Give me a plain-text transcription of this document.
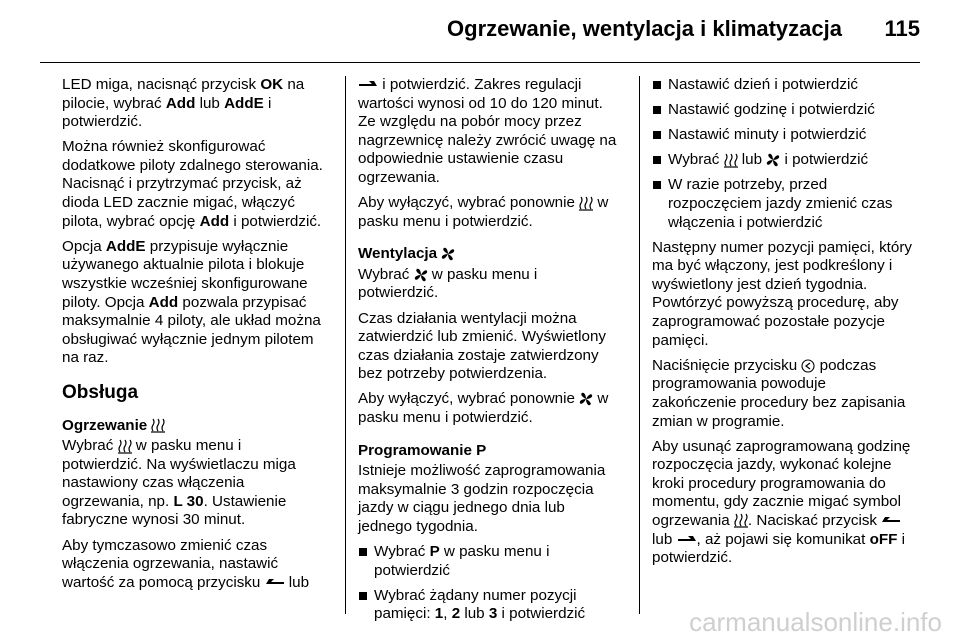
Ogrzewanie, wentylacja i klimatyzacja 115

LED miga, nacisnąć przycisk OK na pilocie, wybrać Add lub AddE i potwierdzić.

Można również skonfigurować dodatkowe piloty zdalnego sterowania. Nacisnąć i przytrzymać przycisk, aż dioda LED zacznie migać, włączyć pilota, wybrać opcję Add i potwierdzić.

Opcja AddE przypisuje wyłącznie używanego aktualnie pilota i blokuje wszystkie wcześniej skonfigurowane piloty. Opcja Add pozwala przypisać maksymalnie 4 piloty, ale układ można obsługiwać wyłącznie jednym pilotem na raz.

Obsługa
Ogrzewanie

Wybrać
w pasku menu i potwierdzić. Na wyświetlaczu miga nastawiony czas włączenia ogrzewania, np. L 30. Ustawienie fabryczne wynosi 30 minut.

Aby tymczasowo zmienić czas włączenia ogrzewania, nastawić wartość za pomocą przycisku
lub

i potwierdzić. Zakres regulacji wartości wynosi od 10 do 120 minut. Ze względu na pobór mocy przez nagrzewnicę należy zwrócić uwagę na odpowiednie ustawienie czasu ogrzewania.

Aby wyłączyć, wybrać ponownie
w pasku menu i potwierdzić.

Wentylacja

Wybrać
w pasku menu i potwierdzić.

Czas działania wentylacji można zatwierdzić lub zmienić. Wyświetlony czas działania zostaje zatwierdzony bez potrzeby potwierdzenia.

Aby wyłączyć, wybrać ponownie
w pasku menu i potwierdzić.

Programowanie P

Istnieje możliwość zaprogramowania maksymalnie 3 godzin rozpoczęcia jazdy w ciągu jednego dnia lub jednego tygodnia.

Wybrać P w pasku menu i potwierdzić
Wybrać żądany numer pozycji pamięci: 1, 2 lub 3 i potwierdzić
Nastawić dzień i potwierdzić
Nastawić godzinę i potwierdzić
Nastawić minuty i potwierdzić
Wybrać
lub
i potwierdzić
W razie potrzeby, przed rozpoczęciem jazdy zmienić czas włączenia i potwierdzić

Następny numer pozycji pamięci, który ma być włączony, jest podkreślony i wyświetlony jest dzień tygodnia. Powtórzyć powyższą procedurę, aby zaprogramować pozostałe pozycje pamięci.

Naciśnięcie przycisku
podczas programowania powoduje zakończenie procedury bez zapisania zmian w programie.

Aby usunąć zaprogramowaną godzinę rozpoczęcia jazdy, wykonać kolejne kroki procedury programowania do momentu, gdy zacznie migać symbol ogrzewania
. Naciskać przycisk
lub
, aż pojawi się komunikat oFF i potwierdzić.

carmanualsonline.info
